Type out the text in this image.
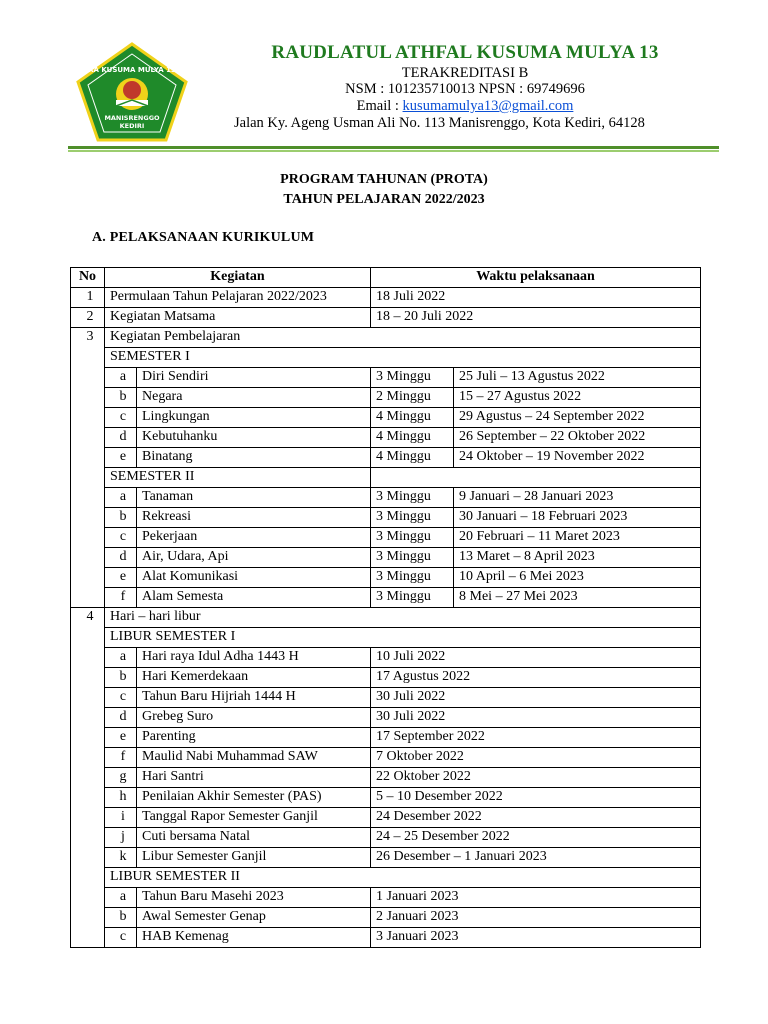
RA KUSUMA MULYA 13
MANISRENGGO
KEDIRI
RAUDLATUL ATHFAL KUSUMA MULYA 13
TERAKREDITASI B
NSM : 101235710013 NPSN : 69749696
Email : kusumamulya13@gmail.com
Jalan Ky. Ageng Usman Ali No. 113 Manisrenggo, Kota Kediri, 64128
PROGRAM TAHUNAN (PROTA)
TAHUN PELAJARAN 2022/2023
A. PELAKSANAAN KURIKULUM
No	Kegiatan		Waktu pelaksanaan	
1	Permulaan Tahun Pelajaran 2022/2023		18 Juli 2022	
2	Kegiatan Matsama		18 – 20 Juli 2022	
3	Kegiatan Pembelajaran			
	SEMESTER I			
	a	Diri Sendiri	3 Minggu	25 Juli – 13 Agustus 2022
	b	Negara	2 Minggu	15 – 27 Agustus 2022
	c	Lingkungan	4 Minggu	29 Agustus – 24 September 2022
	d	Kebutuhanku	4 Minggu	26 September – 22 Oktober 2022
	e	Binatang	4 Minggu	24 Oktober – 19 November 2022
	SEMESTER II			
	a	Tanaman	3 Minggu	9 Januari – 28 Januari 2023
	b	Rekreasi	3 Minggu	30 Januari – 18 Februari 2023
	c	Pekerjaan	3 Minggu	20 Februari – 11 Maret 2023
	d	Air, Udara, Api	3 Minggu	13 Maret – 8 April 2023
	e	Alat Komunikasi	3 Minggu	10 April – 6 Mei 2023
	f	Alam Semesta	3 Minggu	8 Mei – 27 Mei 2023
4	Hari – hari libur			
	LIBUR SEMESTER I			
	a	Hari raya Idul Adha 1443 H	10 Juli 2022	
	b	Hari Kemerdekaan	17 Agustus 2022	
	c	Tahun Baru Hijriah 1444 H	30 Juli 2022	
	d	Grebeg Suro	30 Juli 2022	
	e	Parenting	17 September 2022	
	f	Maulid Nabi Muhammad SAW	7 Oktober 2022	
	g	Hari Santri	22 Oktober 2022	
	h	Penilaian Akhir Semester (PAS)	5 – 10 Desember 2022	
	i	Tanggal Rapor Semester Ganjil	24 Desember 2022	
	j	Cuti bersama Natal	24 – 25 Desember 2022	
	k	Libur Semester Ganjil	26 Desember – 1 Januari 2023	
	LIBUR SEMESTER II			
	a	Tahun Baru Masehi 2023	1 Januari 2023	
	b	Awal Semester Genap	2 Januari 2023	
	c	HAB Kemenag	3 Januari 2023	
